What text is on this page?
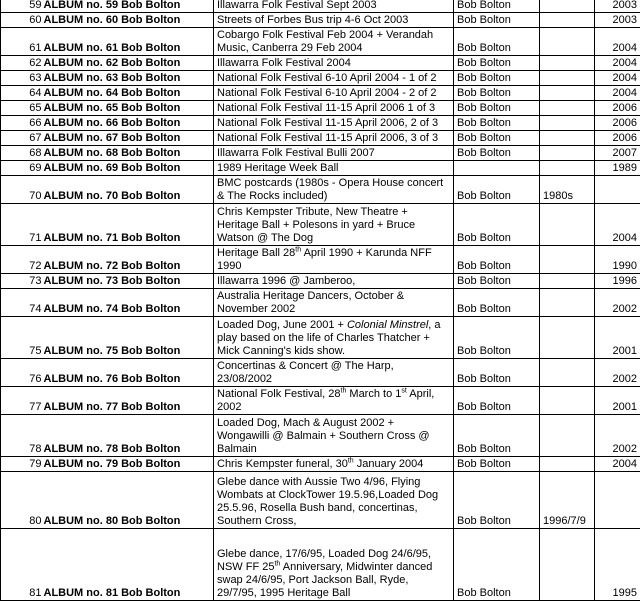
59	ALBUM no. 59 Bob Bolton	Illawarra Folk Festival Sept 2003	Bob Bolton		2003
60	ALBUM no. 60 Bob Bolton	Streets of Forbes Bus trip 4-6 Oct 2003	Bob Bolton		2003
61	ALBUM no. 61 Bob Bolton	Cobargo Folk Festival Feb 2004 + Verandah
Music, Canberra 29 Feb 2004	Bob Bolton		2004
62	ALBUM no. 62 Bob Bolton	Illawarra Folk Festival 2004	Bob Bolton		2004
63	ALBUM no. 63 Bob Bolton	National Folk Festival 6-10 April 2004 - 1 of 2	Bob Bolton		2004
64	ALBUM no. 64 Bob Bolton	National Folk Festival 6-10 April 2004 - 2 of 2	Bob Bolton		2004
65	ALBUM no. 65 Bob Bolton	National Folk Festival 11-15 April 2006 1 of 3	Bob Bolton		2006
66	ALBUM no. 66 Bob Bolton	National Folk Festival 11-15 April 2006, 2 of 3	Bob Bolton		2006
67	ALBUM no. 67 Bob Bolton	National Folk Festival 11-15 April 2006, 3 of 3	Bob Bolton		2006
68	ALBUM no. 68 Bob Bolton	Illawarra Folk Festival Bulli 2007	Bob Bolton		2007
69	ALBUM no. 69 Bob Bolton	1989 Heritage Week Ball			1989
70	ALBUM no. 70 Bob Bolton	BMC postcards (1980s - Opera House concert
& The Rocks included)	Bob Bolton	1980s	
71	ALBUM no. 71 Bob Bolton	Chris Kempster Tribute, New Theatre +
Heritage Ball + Polesons in yard + Bruce
Watson @ The Dog	Bob Bolton		2004
72	ALBUM no. 72 Bob Bolton	Heritage Ball 28th April 1990 + Karunda NFF
1990	Bob Bolton		1990
73	ALBUM no. 73 Bob Bolton	Illawarra 1996 @ Jamberoo,	Bob Bolton		1996
74	ALBUM no. 74 Bob Bolton	Australia Heritage Dancers, October &
November 2002	Bob Bolton		2002
75	ALBUM no. 75 Bob Bolton	Loaded Dog, June 2001 + Colonial Minstrel, a
play based on the life of Charles Thatcher +
Mick Canning's kids show.	Bob Bolton		2001
76	ALBUM no. 76 Bob Bolton	Concertinas & Concert @ The Harp,
23/08/2002	Bob Bolton		2002
77	ALBUM no. 77 Bob Bolton	National Folk Festival, 28th March to 1st April,
2002	Bob Bolton		2001
78	ALBUM no. 78 Bob Bolton	Loaded Dog, Mach & August 2002 +
Wongawilli @ Balmain + Southern Cross @
Balmain	Bob Bolton		2002
79	ALBUM no. 79 Bob Bolton	Chris Kempster funeral, 30th January 2004	Bob Bolton		2004
80	ALBUM no. 80 Bob Bolton	Glebe dance with Aussie Two 4/96, Flying
Wombats at ClockTower 19.5.96,Loaded Dog
25.5.96, Rosella Bush band, concertinas,
Southern Cross,	Bob Bolton	1996/7/9	
81	ALBUM no. 81 Bob Bolton	Glebe dance, 17/6/95, Loaded Dog 24/6/95,
NSW FF 25th Anniversary, Midwinter danced
swap 24/6/95, Port Jackson Ball, Ryde,
29/7/95, 1995 Heritage Ball	Bob Bolton		1995
